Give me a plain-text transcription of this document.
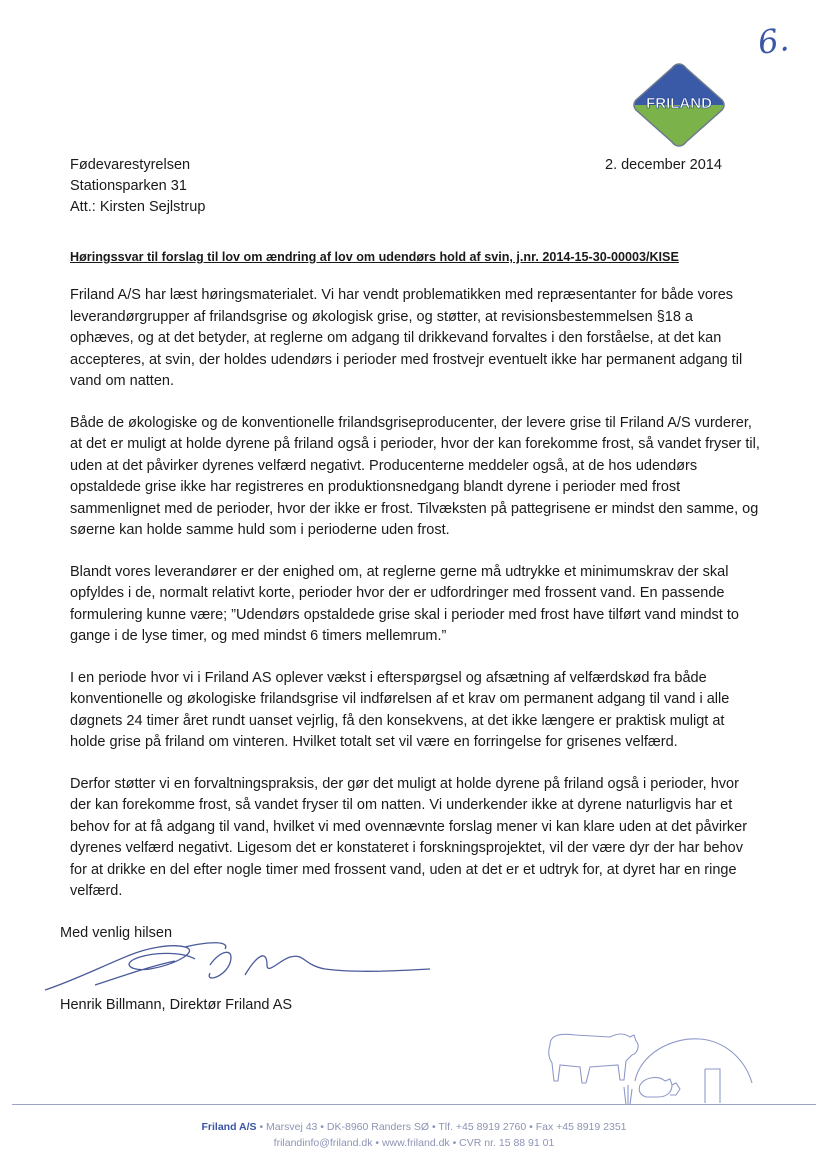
6.
FRILAND
Fødevarestyrelsen
Stationsparken 31
Att.: Kirsten Sejlstrup
2. december 2014
Høringssvar til forslag til lov om ændring af lov om udendørs hold af svin, j.nr. 2014-15-30-00003/KISE

Friland A/S har læst høringsmaterialet. Vi har vendt problematikken med repræsentanter for både vores leverandørgrupper af frilandsgrise og økologisk grise, og støtter, at revisionsbestemmelsen §18 a ophæves, og at det betyder, at reglerne om adgang til drikkevand forvaltes i den forståelse, at det kan accepteres, at svin, der holdes udendørs i perioder med frostvejr eventuelt ikke har permanent adgang til vand om natten.

Både de økologiske og de konventionelle frilandsgriseproducenter, der levere grise til Friland A/S vurderer, at det er muligt at holde dyrene på friland også i perioder, hvor der kan forekomme frost, så vandet fryser til, uden at det påvirker dyrenes velfærd negativt. Producenterne meddeler også, at de hos udendørs opstaldede grise ikke har registreres en produktionsnedgang blandt dyrene i perioder med frost sammenlignet med de perioder, hvor der ikke er frost. Tilvæksten på pattegrisene er mindst den samme, og søerne kan holde samme huld som i perioderne uden frost.

Blandt vores leverandører er der enighed om, at reglerne gerne må udtrykke et minimumskrav der skal opfyldes i de, normalt relativt korte, perioder hvor der er udfordringer med frossent vand. En passende formulering kunne være; ”Udendørs opstaldede grise skal i perioder med frost have tilført vand mindst to gange i de lyse timer, og med mindst 6 timers mellemrum.”

I en periode hvor vi i Friland AS oplever vækst i efterspørgsel og afsætning af velfærdskød fra både konventionelle og økologiske frilandsgrise vil indførelsen af et krav om permanent adgang til vand i alle døgnets 24 timer året rundt uanset vejrlig, få den konsekvens, at det ikke længere er praktisk muligt at holde grise på friland om vinteren. Hvilket totalt set vil være en forringelse for grisenes velfærd.

Derfor støtter vi en forvaltningspraksis, der gør det muligt at holde dyrene på friland også i perioder, hvor der kan forekomme frost, så vandet fryser til om natten. Vi underkender ikke at dyrene naturligvis har et behov for at få adgang til vand, hvilket vi med ovennævnte forslag mener vi kan klare uden at det påvirker dyrenes velfærd negativt. Ligesom det er konstateret i forskningsprojektet, vil der være dyr der har behov for at drikke en del efter nogle timer med frossent vand, uden at det er et udtryk for, at dyret har en ringe velfærd.

Med venlig hilsen
Henrik Billmann, Direktør Friland AS
Friland A/S • Marsvej 43 • DK-8960 Randers SØ • Tlf. +45 8919 2760 • Fax +45 8919 2351
frilandinfo@friland.dk • www.friland.dk • CVR nr. 15 88 91 01
